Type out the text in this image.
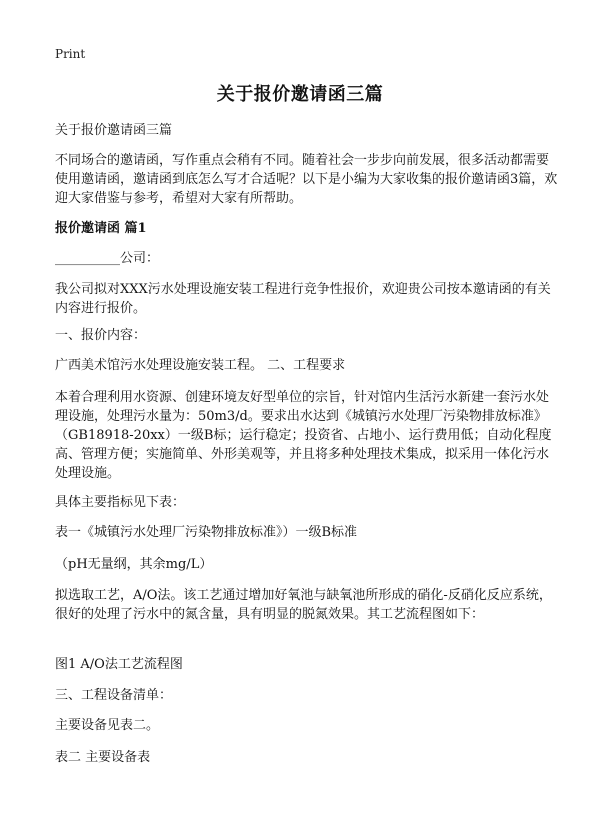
Print
关于报价邀请函三篇

关于报价邀请函三篇

不同场合的邀请函，写作重点会稍有不同。随着社会一步步向前发展，很多活动都需要使用邀请函，邀请函到底怎么写才合适呢？以下是小编为大家收集的报价邀请函3篇，欢迎大家借鉴与参考，希望对大家有所帮助。

报价邀请函 篇1

__________公司：

我公司拟对XXX污水处理设施安装工程进行竞争性报价，欢迎贵公司按本邀请函的有关内容进行报价。

一、报价内容：

广西美术馆污水处理设施安装工程。 二、工程要求

本着合理利用水资源、创建环境友好型单位的宗旨，针对馆内生活污水新建一套污水处理设施，处理污水量为：50m3/d。要求出水达到《城镇污水处理厂污染物排放标准》（GB18918-20xx）一级B标；运行稳定；投资省、占地小、运行费用低；自动化程度高、管理方便；实施简单、外形美观等，并且将多种处理技术集成，拟采用一体化污水处理设施。

具体主要指标见下表：

表一《城镇污水处理厂污染物排放标准》）一级B标准

（pH无量纲，其余mg/L）

拟选取工艺，A/O法。该工艺通过增加好氧池与缺氧池所形成的硝化-反硝化反应系统，很好的处理了污水中的氮含量，具有明显的脱氮效果。其工艺流程图如下：

图1 A/O法工艺流程图

三、工程设备清单：

主要设备见表二。

表二 主要设备表
